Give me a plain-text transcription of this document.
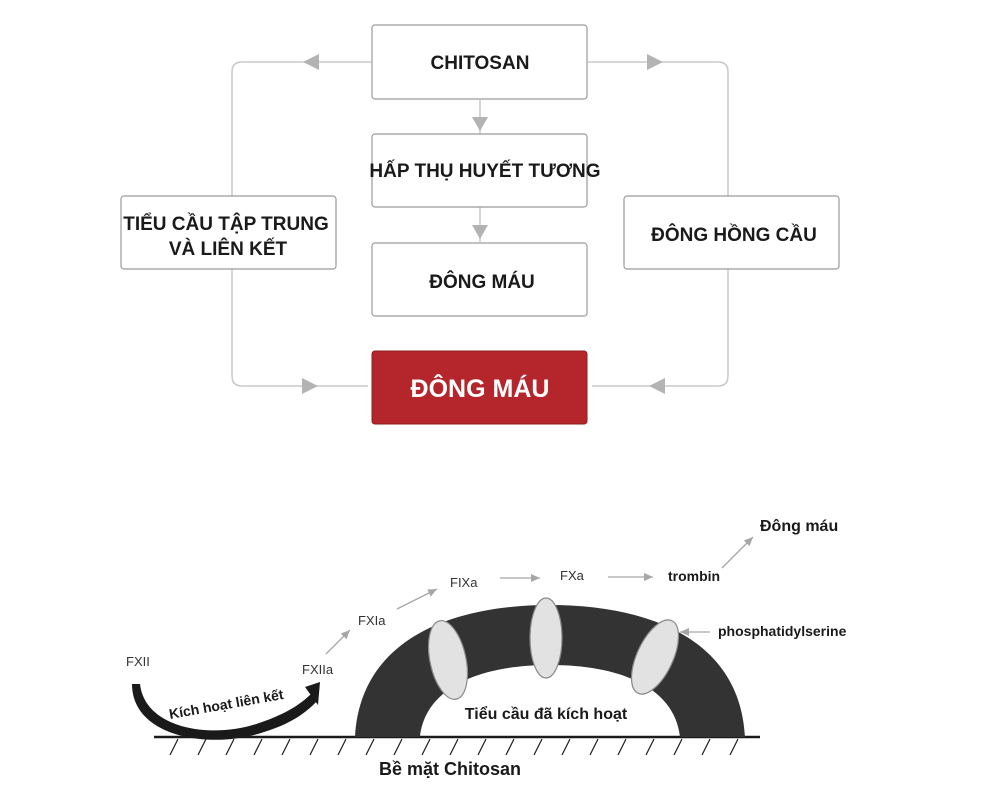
CHITOSAN
HẤP THỤ HUYẾT TƯƠNG
ĐÔNG MÁU
TIỂU CẦU TẬP TRUNG
VÀ LIÊN KẾT
ĐÔNG HỒNG CẦU
ĐÔNG MÁU
Kích hoạt liên kết
FXII
FXIIa
FXIa
FIXa	FXa	trombin
Đông máu
phosphatidylserine
Tiểu cầu đã kích hoạt
Bề mặt Chitosan
